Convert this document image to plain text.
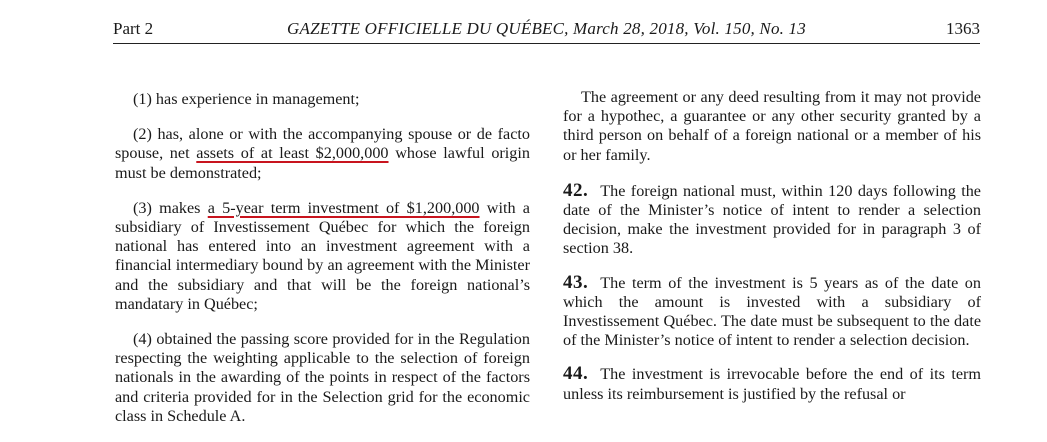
Part 2	GAZETTE OFFICIELLE DU QUÉBEC, March 28, 2018, Vol. 150, No. 13	1363

(1) has experience in management;

(2) has, alone or with the accompanying spouse or de facto spouse, net assets of at least $2,000,000 whose lawful origin must be demonstrated;

(3) makes a 5-year term investment of $1,200,000 with a subsidiary of Investissement Québec for which the foreign national has entered into an investment agreement with a financial intermediary bound by an agreement with the Minister and the subsidiary and that will be the foreign national’s mandatary in Québec;

(4) obtained the passing score provided for in the Regulation respecting the weighting applicable to the selection of foreign nationals in the awarding of the points in respect of the factors and criteria provided for in the Selection grid for the economic class in Schedule A.

The agreement or any deed resulting from it may not provide for a hypothec, a guarantee or any other security granted by a third person on behalf of a foreign national or a member of his or her family.

42. The foreign national must, within 120 days following the date of the Minister’s notice of intent to render a selection decision, make the investment provided for in paragraph 3 of section 38.

43. The term of the investment is 5 years as of the date on which the amount is invested with a subsidiary of Investissement Québec. The date must be subsequent to the date of the Minister’s notice of intent to render a selection decision.

44. The investment is irrevocable before the end of its term unless its reimbursement is justified by the refusal or
